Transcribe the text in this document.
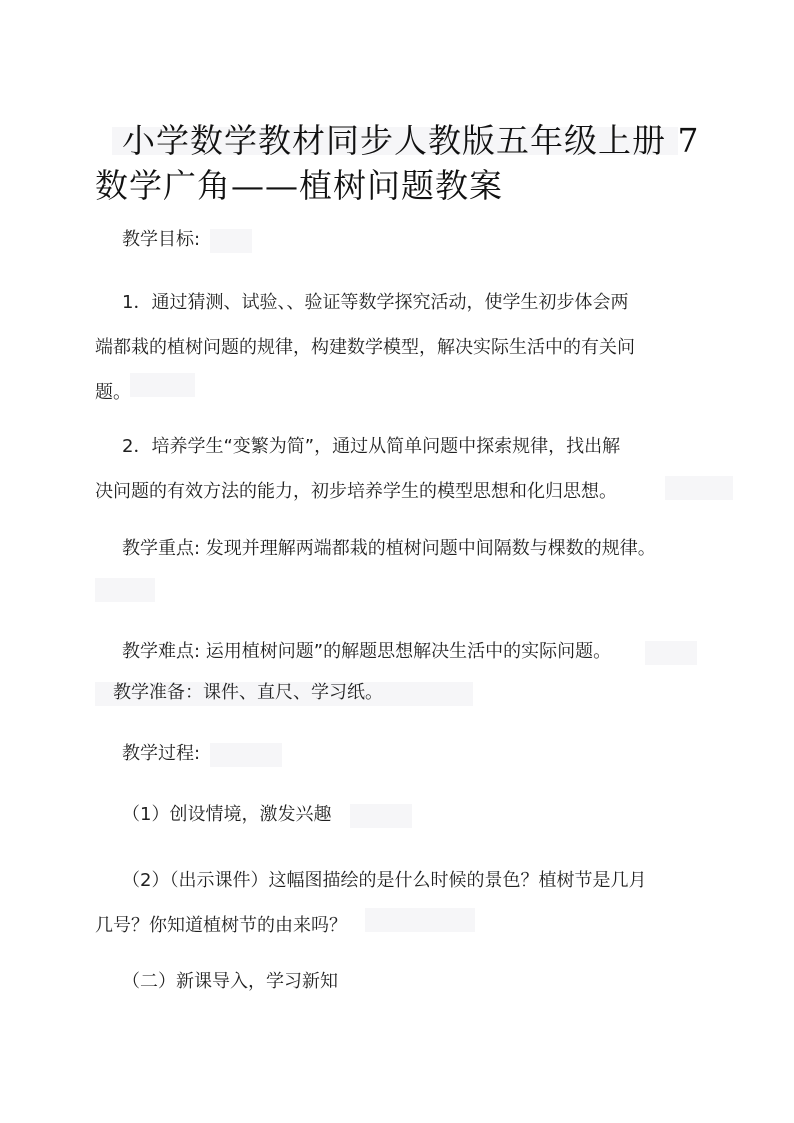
小学数学教材同步人教版五年级上册 7
数学广角——植树问题教案
教学目标:

1．通过猜测、试验、、验证等数学探究活动，使学生初步体会两
端都栽的植树问题的规律，构建数学模型，解决实际生活中的有关问
题。

2．培养学生“变繁为简”，通过从简单问题中探索规律，找出解
决问题的有效方法的能力，初步培养学生的模型思想和化归思想。

教学重点: 发现并理解两端都栽的植树问题中间隔数与棵数的规律。
教学难点: 运用植树问题”的解题思想解决生活中的实际问题。
教学准备：课件、直尺、学习纸。
教学过程:
（1）创设情境，激发兴趣

（2）（出示课件）这幅图描绘的是什么时候的景色？植树节是几月
几号？你知道植树节的由来吗？

（二）新课导入，学习新知
